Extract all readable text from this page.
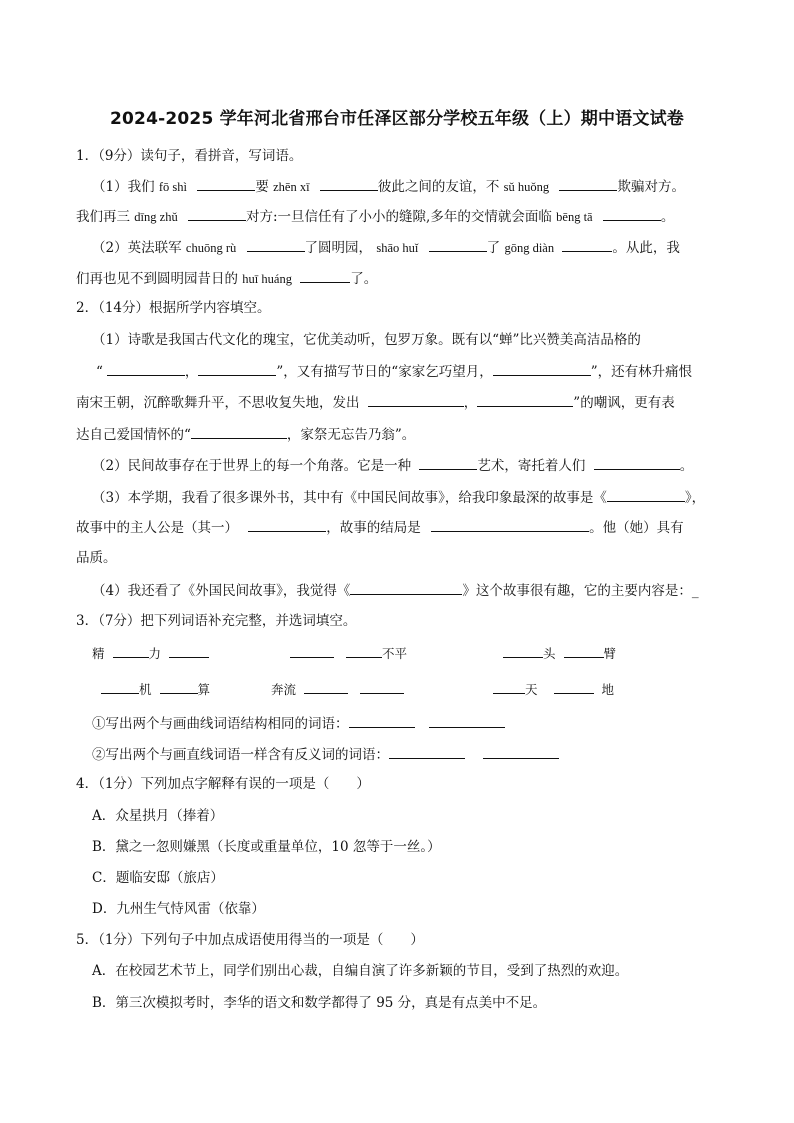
2024-2025 学年河北省邢台市任泽区部分学校五年级（上）期中语文试卷
1．（9分）读句子，看拼音，写词语。
（1）我们 fō shì	要 zhēn xī	彼此之间的友谊，不 sǔ huǒng	欺骗对方。
我们再三 dīng zhǔ	对方:一旦信任有了小小的缝隙,多年的交情就会面临 bēng tā	。
（2）英法联军 chuōng rù	了圆明园， shāo huǐ	了 gōng diàn	。从此，我
们再也见不到圆明园昔日的 huī huáng	了。
2．（14分）根据所学内容填空。
（1）诗歌是我国古代文化的瑰宝，它优美动听，包罗万象。既有以“蝉”比兴赞美高洁品格的
“	，	”，又有描写节日的“家家乞巧望月，	”，还有林升痛恨
南宋王朝，沉醉歌舞升平，不思收复失地，发出	，	”的嘲讽，更有表
达自己爱国情怀的“	，家祭无忘告乃翁”。
（2）民间故事存在于世界上的每一个角落。它是一种	艺术，寄托着人们	。
（3）本学期，我看了很多课外书，其中有《中国民间故事》，给我印象最深的故事是《	》，
故事中的主人公是（其一）	，故事的结局是	。他（她）具有
品质。
（4）我还看了《外国民间故事》，我觉得《	》这个故事很有趣，它的主要内容是：_
3．（7分）把下列词语补充完整，并选词填空。
精	力	不平	头	臂
机	算	奔流	天	地
①写出两个与画曲线词语结构相同的词语：
②写出两个与画直线词语一样含有反义词的词语：
4．（1分）下列加点字解释有误的一项是（　　）
A．众星拱月（捧着）
B．黛之一忽则嫌黑（长度或重量单位，10 忽等于一丝。）
C．题临安邸（旅店）
D．九州生气恃风雷（依靠）
5．（1分）下列句子中加点成语使用得当的一项是（　　）
A．在校园艺术节上，同学们别出心裁，自编自演了许多新颖的节目，受到了热烈的欢迎。
B．第三次模拟考时，李华的语文和数学都得了 95 分，真是有点美中不足。
